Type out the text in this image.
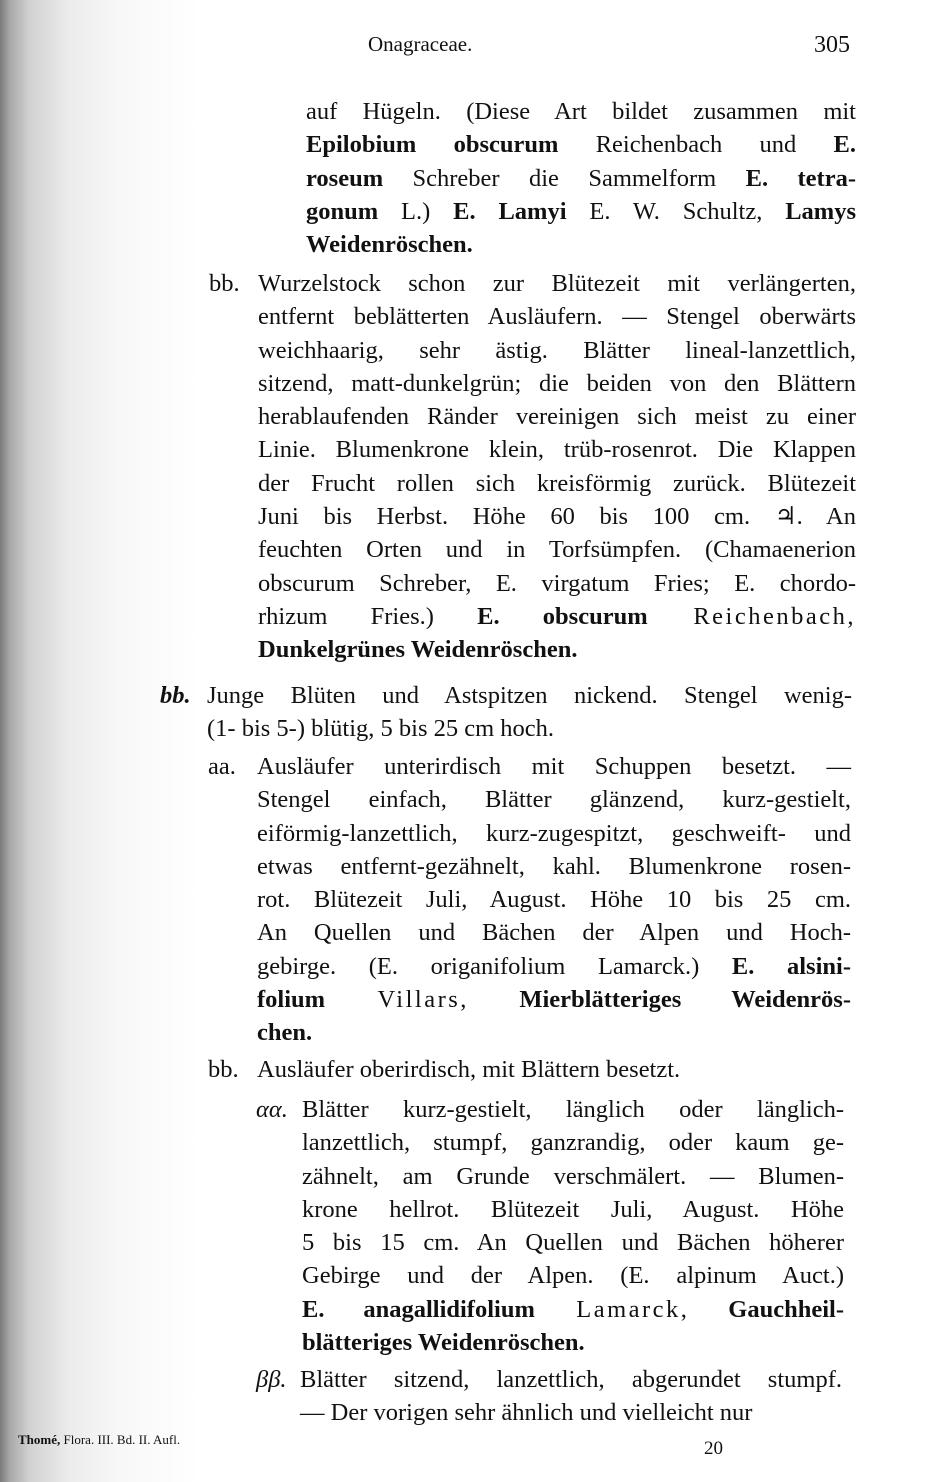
Onagraceae.	305
auf Hügeln. (Diese Art bildet zusammen mit
Epilobium obscurum Reichenbach und E.
roseum Schreber die Sammelform E. tetra-
gonum L.) E. Lamyi E. W. Schultz, Lamys
Weidenröschen.
bb. Wurzelstock schon zur Blütezeit mit verlängerten,
entfernt beblätterten Ausläufern. — Stengel oberwärts
weichhaarig, sehr ästig. Blätter lineal-lanzettlich,
sitzend, matt-dunkelgrün; die beiden von den Blättern
herablaufenden Ränder vereinigen sich meist zu einer
Linie. Blumenkrone klein, trüb-rosenrot. Die Klappen
der Frucht rollen sich kreisförmig zurück. Blütezeit
Juni bis Herbst. Höhe 60 bis 100 cm. ♃. An
feuchten Orten und in Torfsümpfen. (Chamaenerion
obscurum Schreber, E. virgatum Fries; E. chordo-
rhizum Fries.) E. obscurum Reichenbach,
Dunkelgrünes Weidenröschen.
bb. Junge Blüten und Astspitzen nickend. Stengel wenig-
(1- bis 5-) blütig, 5 bis 25 cm hoch.
aa. Ausläufer unterirdisch mit Schuppen besetzt. —
Stengel einfach, Blätter glänzend, kurz-gestielt,
eiförmig-lanzettlich, kurz-zugespitzt, geschweift- und
etwas entfernt-gezähnelt, kahl. Blumenkrone rosen-
rot. Blütezeit Juli, August. Höhe 10 bis 25 cm.
An Quellen und Bächen der Alpen und Hoch-
gebirge. (E. origanifolium Lamarck.) E. alsini-
folium Villars, Mierblätteriges Weidenrös-
chen.
bb. Ausläufer oberirdisch, mit Blättern besetzt.
αα. Blätter kurz-gestielt, länglich oder länglich-
lanzettlich, stumpf, ganzrandig, oder kaum ge-
zähnelt, am Grunde verschmälert. — Blumen-
krone hellrot. Blütezeit Juli, August. Höhe
5 bis 15 cm. An Quellen und Bächen höherer
Gebirge und der Alpen. (E. alpinum Auct.)
E. anagallidifolium Lamarck, Gauchheil-
blätteriges Weidenröschen.
ββ. Blätter sitzend, lanzettlich, abgerundet stumpf.
— Der vorigen sehr ähnlich und vielleicht nur
Thomé, Flora. III. Bd. II. Aufl.	20
